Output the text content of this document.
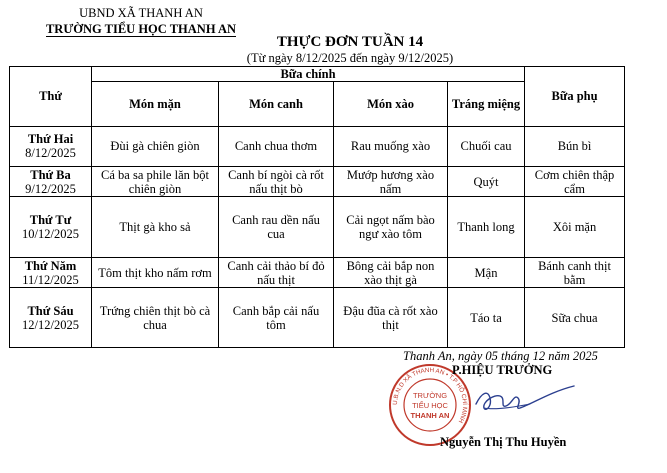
UBND XÃ THANH AN
TRƯỜNG TIỂU HỌC THANH AN
THỰC ĐƠN TUẦN 14
(Từ ngày 8/12/2025 đến ngày 9/12/2025)
Thứ	Bữa chính				Bữa phụ
	Món mặn	Món canh	Món xào	Tráng miệng	

Thứ Hai
8/12/2025	Đùi gà chiên giòn	Canh chua thơm	Rau muống xào	Chuối cau	Bún bì

Thứ Ba
9/12/2025	Cá ba sa phile lăn bột chiên giòn	Canh bí ngòi cà rốt nấu thịt bò	Mướp hương xào nấm	Quýt	Cơm chiên thập cẩm

Thứ Tư
10/12/2025	Thịt gà kho sả	Canh rau dền nấu cua	Cải ngọt nấm bào ngư xào tôm	Thanh long	Xôi mặn

Thứ Năm
11/12/2025	Tôm thịt kho nấm rơm	Canh cải thảo bí đỏ nấu thịt	Bông cải bắp non xào thịt gà	Mận	Bánh canh thịt bằm

Thứ Sáu
12/12/2025	Trứng chiên thịt bò cà chua	Canh bắp cải nấu tôm	Đậu đũa cà rốt xào thịt	Táo ta	Sữa chua
Thanh An, ngày 05 tháng 12 năm 2025
U.B.N.D XÃ THANH AN • T.P HỒ CHÍ MINH
TRƯỜNG
TIỂU HỌC
THANH AN
P.HIỆU TRƯỞNG
Nguyễn Thị Thu Huyền
